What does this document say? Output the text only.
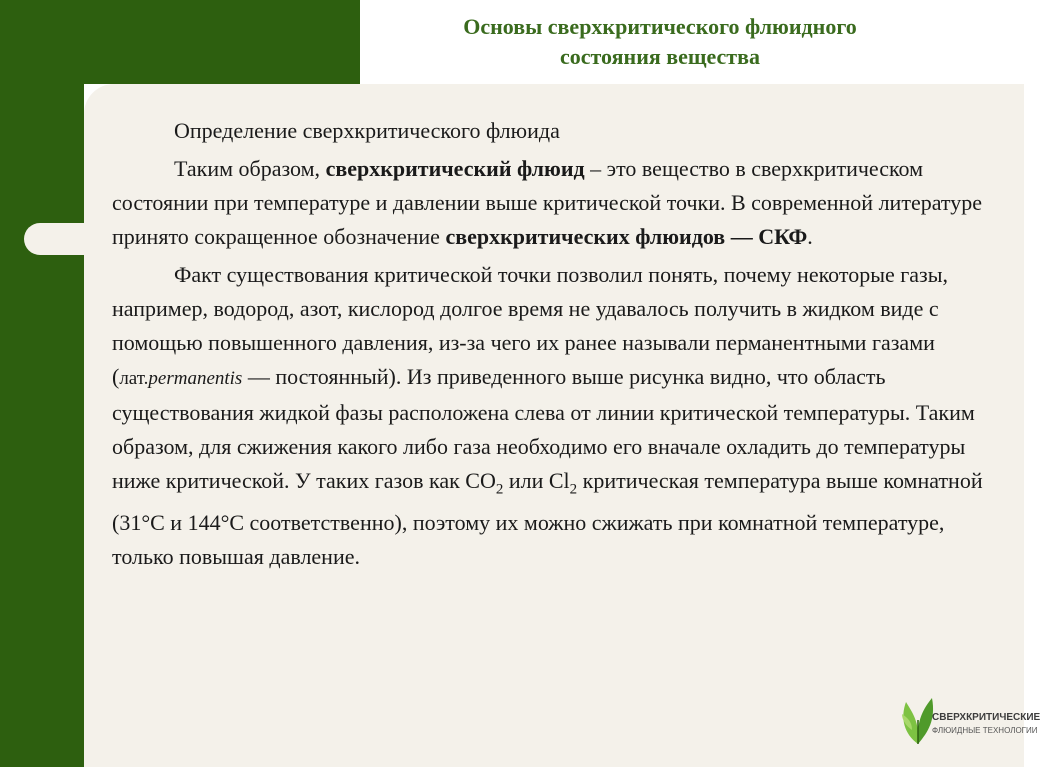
Основы сверхкритического флюидного
состояния вещества

Определение сверхкритического флюида

Таким образом, сверхкритический флюид – это вещество в сверхкритическом состоянии при температуре и давлении выше критической точки. В современной литературе принято сокращенное обозначение сверхкритических флюидов — СКФ.

Факт существования критической точки позволил понять, почему некоторые газы, например, водород, азот, кислород долгое время не удавалось получить в жидком виде с помощью повышенного давления, из-за чего их ранее называли перманентными газами (лат.permanentis — постоянный). Из приведенного выше рисунка видно, что область существования жидкой фазы расположена слева от линии критической температуры. Таким образом, для сжижения какого либо газа необходимо его вначале охладить до температуры ниже критической. У таких газов как $CO_2$ или $Cl_2$ критическая температура выше комнатной (31°C и 144°C соответственно), поэтому их можно сжижать при комнатной температуре, только повышая давление.

СВЕРХКРИТИЧЕСКИЕ
ФЛЮИДНЫЕ ТЕХНОЛОГИИ
